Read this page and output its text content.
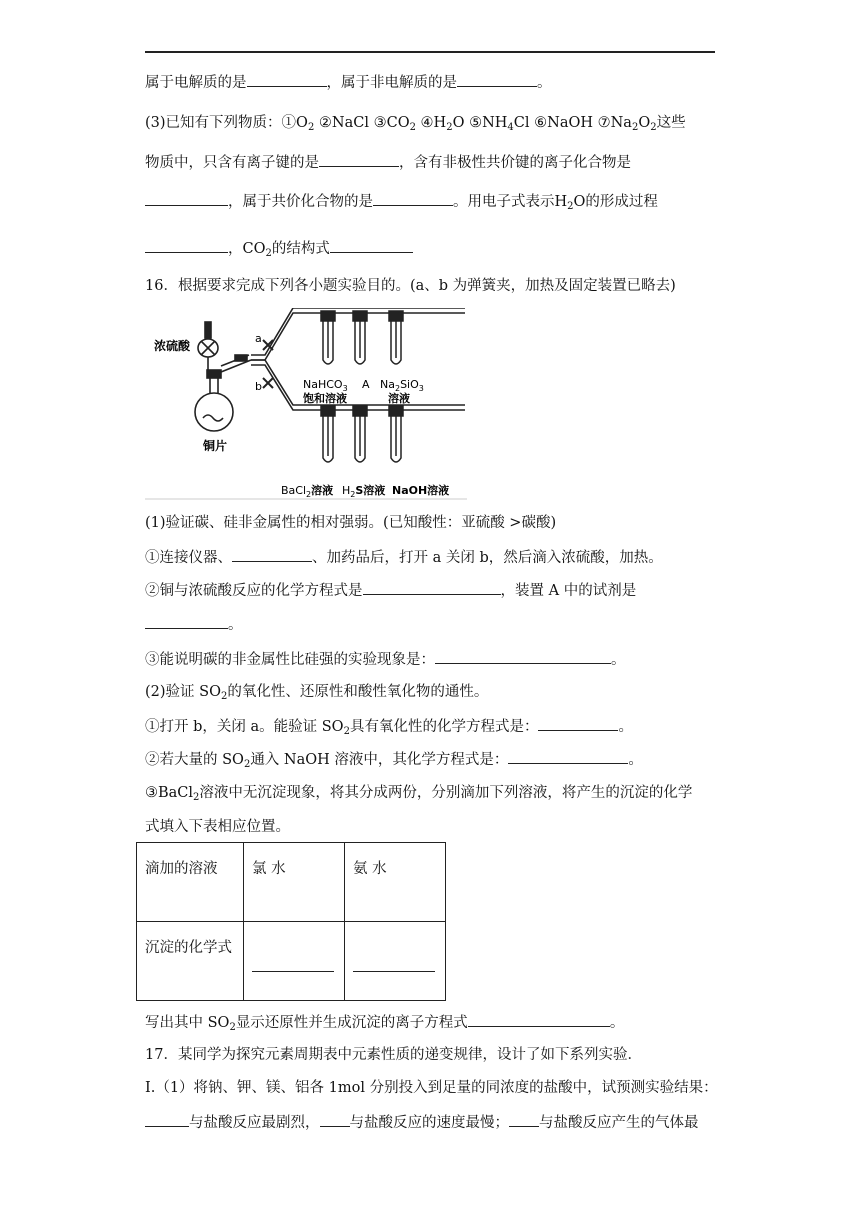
属于电解质的是	，属于非电解质的是	。
(3)已知有下列物质：$①O_2$ ②NaCl $③CO_2$ $④H_2O$ $⑤NH_4Cl$ ⑥NaOH $⑦Na_2O_2$这些
物质中，只含有离子键的是	，含有非极性共价键的离子化合物是
，属于共价化合物的是	。用电子式表示$H_2O$的形成过程
，$CO_2$的结构式
16．根据要求完成下列各小题实验目的。(a、b 为弹簧夹，加热及固定装置已略去)
浓硫酸
铜片
a
b	NaHCO$_3$ A $Na_2SiO_3$
饱和溶液	溶液
BaCl$_2$溶液 $H_2S$溶液 NaOH溶液
(1)验证碳、硅非金属性的相对强弱。(已知酸性：亚硫酸 >碳酸)
①连接仪器、	、加药品后，打开 a 关闭 b，然后滴入浓硫酸，加热。
②铜与浓硫酸反应的化学方程式是	，装置 A 中的试剂是
。
③能说明碳的非金属性比硅强的实验现象是：	。
(2)验证 $SO_2$的氧化性、还原性和酸性氧化物的通性。
①打开 b，关闭 a。能验证 $SO_2$具有氧化性的化学方程式是：	。
②若大量的 $SO_2$通入 NaOH 溶液中，其化学方程式是：	。
③BaCl$_2$溶液中无沉淀现象，将其分成两份，分别滴加下列溶液，将产生的沉淀的化学
式填入下表相应位置。
滴加的溶液	氯 水	氨 水
沉淀的化学式	

写出其中 $SO_2$显示还原性并生成沉淀的离子方程式	。
17．某同学为探究元素周期表中元素性质的递变规律，设计了如下系列实验．
I.（1）将钠、钾、镁、铝各 1mol 分别投入到足量的同浓度的盐酸中，试预测实验结果：
与盐酸反应最剧烈， 与盐酸反应的速度最慢； 与盐酸反应产生的气体最
